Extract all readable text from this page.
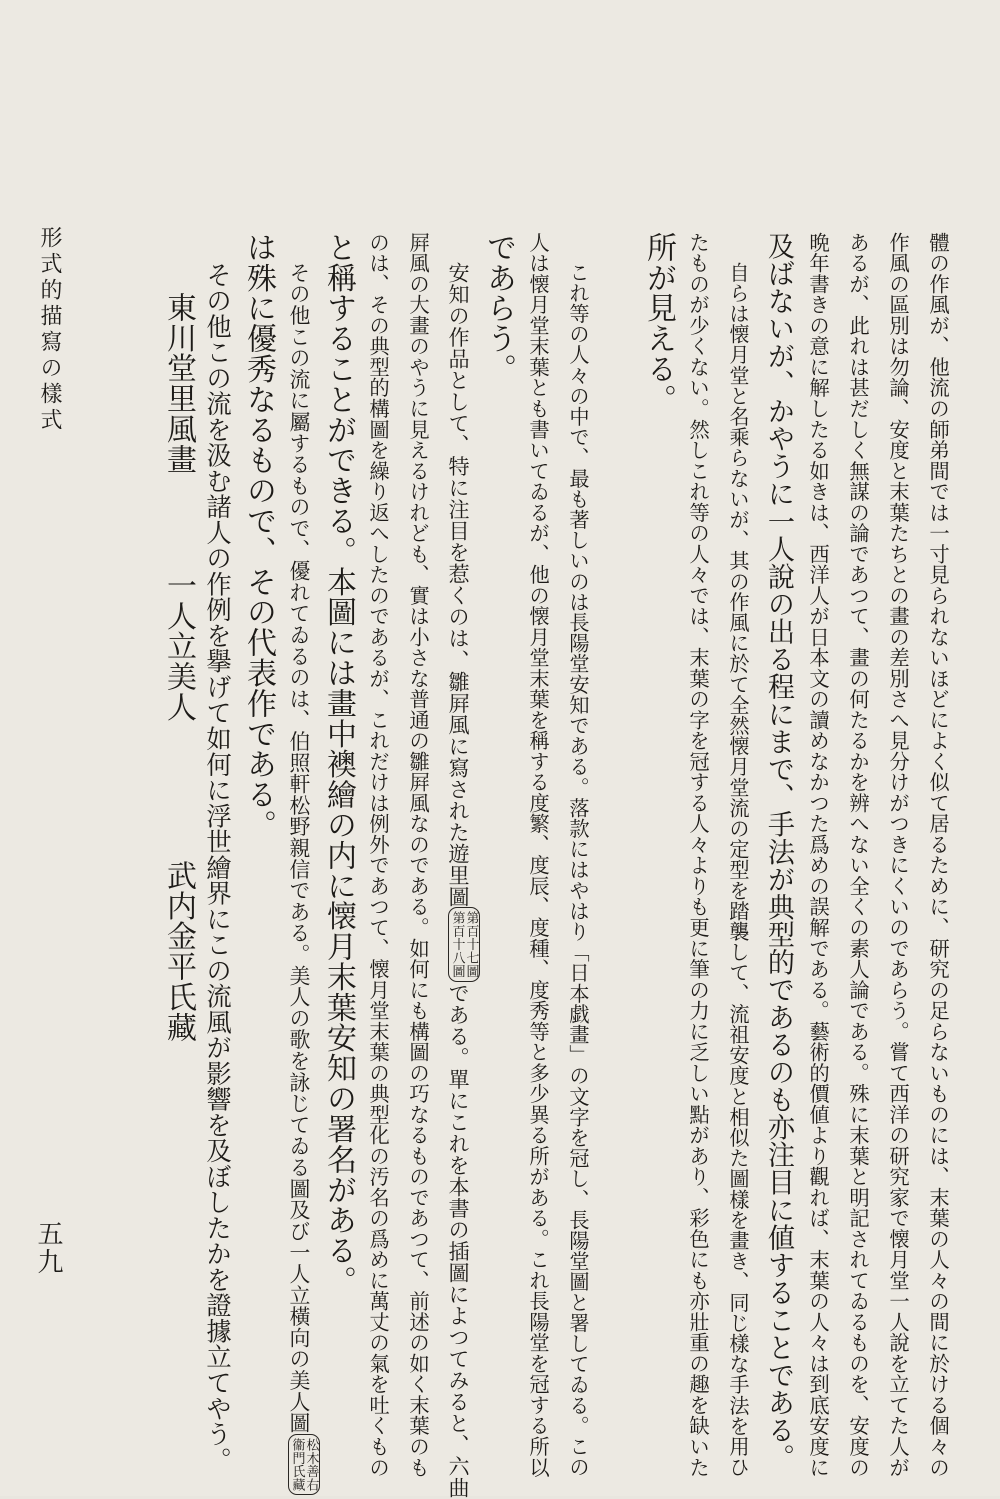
形式的描寫の樣式
五九	體の作風が、他流の師弟間では一寸見られないほどによく似て居るために、研究の足らないものには、末葉の人々の間に於ける個々の
作風の區別は勿論、安度と末葉たちとの畫の差別さへ見分けがつきにくいのであらう。嘗て西洋の研究家で懐月堂一人說を立てた人が
あるが、此れは甚だしく無謀の論であつて、畫の何たるかを辨へない全くの素人論である。殊に末葉と明記されてゐるものを、安度の
晩年書きの意に解したる如きは、西洋人が日本文の讀めなかつた爲めの誤解である。藝術的價値より觀れば、末葉の人々は到底安度に
及ばないが、かやうに一人說の出る程にまで、手法が典型的であるのも亦注目に値することである。
自らは懐月堂と名乘らないが、其の作風に於て全然懐月堂流の定型を踏襲して、流祖安度と相似た圖樣を畫き、同じ樣な手法を用ひ
たものが少くない。然しこれ等の人々では、末葉の字を冠する人々よりも更に筆の力に乏しい點があり、彩色にも亦壯重の趣を缺いた
所が見える。
これ等の人々の中で、最も著しいのは長陽堂安知である。落款にはやはり「日本戯畫」の文字を冠し、長陽堂圖と署してゐる。この
人は懐月堂末葉とも書いてゐるが、他の懐月堂末葉を稱する度繁、度辰、度種、度秀等と多少異る所がある。これ長陽堂を冠する所以
であらう。
安知の作品として、特に注目を惹くのは、雛屛風に寫された遊里圖
第百十七圖
第百十八圖
である。單にこれを本書の插圖によつてみると、六曲
屛風の大畫のやうに見えるけれども、實は小さな普通の雛屛風なのである。如何にも構圖の巧なるものであつて、前述の如く末葉のも
のは、その典型的構圖を繰り返へしたのであるが、これだけは例外であつて、懐月堂末葉の典型化の汚名の爲めに萬丈の氣を吐くもの
と稱することができる。本圖には畫中襖繪の内に懐月末葉安知の署名がある。
その他この流に屬するもので、優れてゐるのは、伯照軒松野親信である。美人の歌を詠じてゐる圖及び一人立橫向の美人圖
松木善右
衞門氏藏
は殊に優秀なるもので、その代表作である。
その他この流を汲む諸人の作例を擧げて如何に浮世繪界にこの流風が影響を及ぼしたかを證據立てやう。
東川堂里風畫
一人立美人
武内金平氏藏
